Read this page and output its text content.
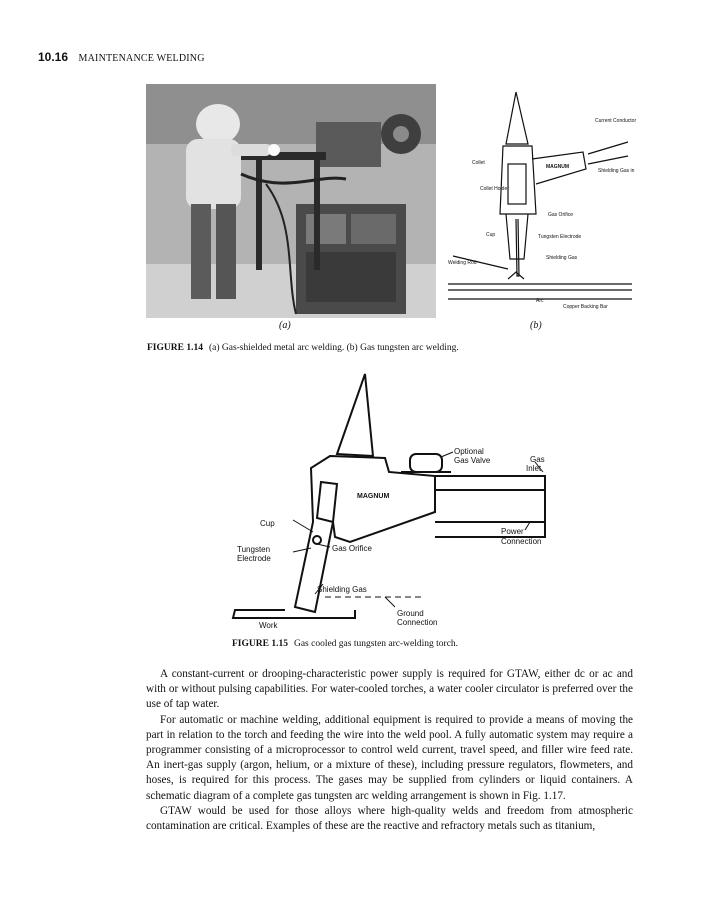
10.16 MAINTENANCE WELDING
Current Conductor
Collet
MAGNUM
Shielding Gas in
Collet Holder
Gas Orifice
Cup	Tungsten Electrode
Welding Rod
Shielding Gas
Arc
Copper Backing Bar
(a)	(b)
FIGURE 1.14 (a) Gas-shielded metal arc welding. (b) Gas tungsten arc welding.
Optional
Gas Valve	Gas
Inlet
MAGNUM
Cup
Power
Connection
Tungsten
Electrode
Gas Orifice
Shielding Gas
Work
Ground
Connection
FIGURE 1.15 Gas cooled gas tungsten arc-welding torch.

A constant-current or drooping-characteristic power supply is required for GTAW, either dc or ac and with or without pulsing capabilities. For water-cooled torches, a water cooler circulator is preferred over the use of tap water.

For automatic or machine welding, additional equipment is required to provide a means of moving the part in relation to the torch and feeding the wire into the weld pool. A fully automatic system may require a programmer consisting of a microprocessor to control weld current, travel speed, and filler wire feed rate. An inert-gas supply (argon, helium, or a mixture of these), including pressure regulators, flowmeters, and hoses, is required for this process. The gases may be supplied from cylinders or liquid containers. A schematic diagram of a complete gas tungsten arc welding arrangement is shown in Fig. 1.17.

GTAW would be used for those alloys where high-quality welds and freedom from atmospheric contamination are critical. Examples of these are the reactive and refractory metals such as titanium,
